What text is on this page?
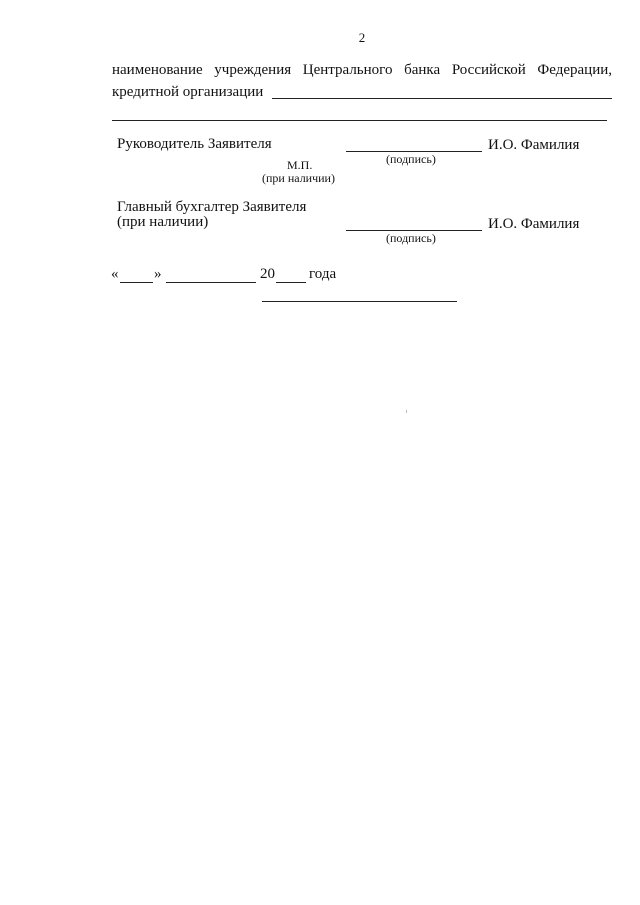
2
наименование учреждения Центрального банка Российской Федерации,
кредитной организации
Руководитель Заявителя
(подпись)
И.О. Фамилия
М.П.
(при наличии)
Главный бухгалтер Заявителя
(при наличии)
(подпись)
И.О. Фамилия
« »	20 года
